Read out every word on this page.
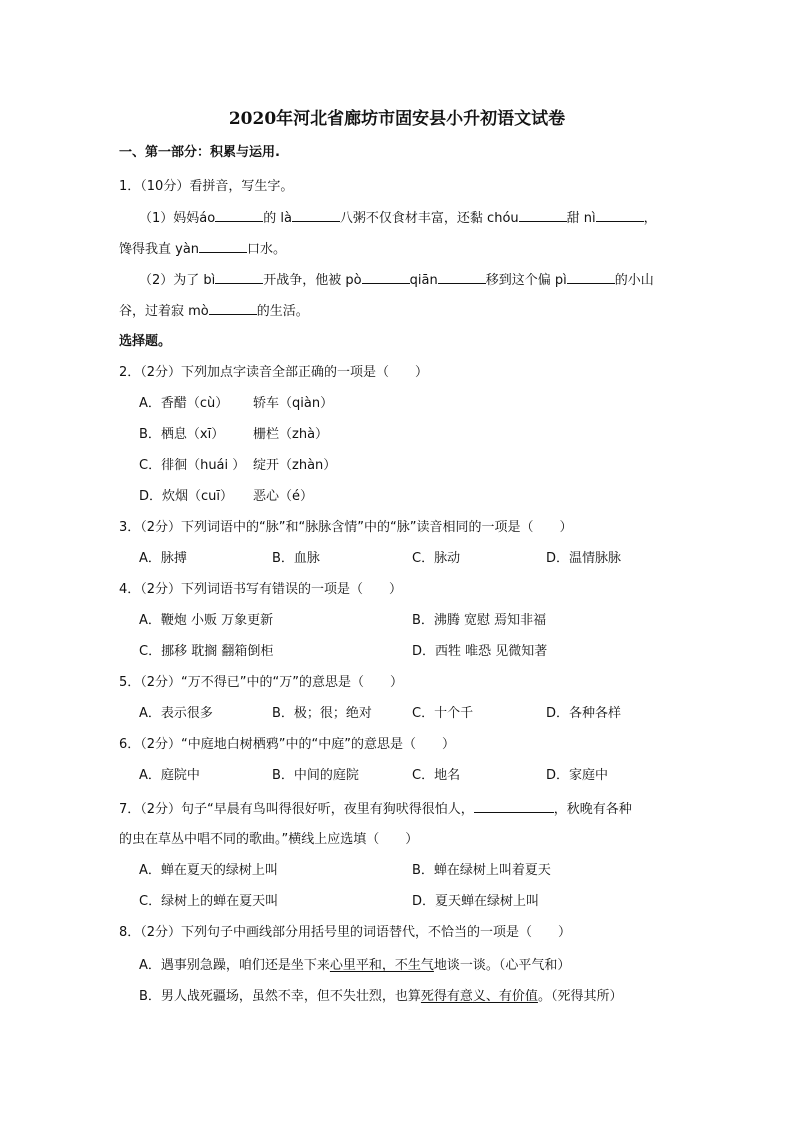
2020年河北省廊坊市固安县小升初语文试卷
一、第一部分：积累与运用.
1．（10分）看拼音，写生字。
（1）妈妈áo	的 là	八粥不仅食材丰富，还黏 chóu	甜 nì	，
馋得我直 yàn	口水。
（2）为了 bì	开战争，他被 pò	qiān	移到这个偏 pì	的小山
谷，过着寂 mò	的生活。
选择题。
2．（2分）下列加点字读音全部正确的一项是（　　）
A．香醋（cù） 轿车（qiàn）
B．栖息（xī） 栅栏（zhà）
C．徘徊（huái ） 绽开（zhàn）
D．炊烟（cuī） 恶心（é）
3．（2分）下列词语中的“脉”和“脉脉含情”中的“脉”读音相同的一项是（　　）
A．脉搏	B．血脉	C．脉动	D．温情脉脉
4．（2分）下列词语书写有错误的一项是（　　）
A．鞭炮 小贩 万象更新	B．沸腾 宽慰 焉知非福
C．挪移 耽搁 翻箱倒柜	D．西牲 唯恐 见微知著
5．（2分）“万不得已”中的“万”的意思是（　　）
A．表示很多	B．极；很；绝对	C．十个千	D．各种各样
6．（2分）“中庭地白树栖鸦”中的“中庭”的意思是（　　）
A．庭院中	B．中间的庭院	C．地名	D．家庭中
7．（2分）句子“早晨有鸟叫得很好听，夜里有狗吠得很怕人，	，秋晚有各种
的虫在草丛中唱不同的歌曲。”横线上应选填（　　）
A．蝉在夏天的绿树上叫	B．蝉在绿树上叫着夏天
C．绿树上的蝉在夏天叫	D．夏天蝉在绿树上叫
8．（2分）下列句子中画线部分用括号里的词语替代，不恰当的一项是（　　）
A．遇事别急躁，咱们还是坐下来心里平和，不生气地谈一谈。（心平气和）
B．男人战死疆场，虽然不幸，但不失壮烈，也算死得有意义、有价值。（死得其所）
